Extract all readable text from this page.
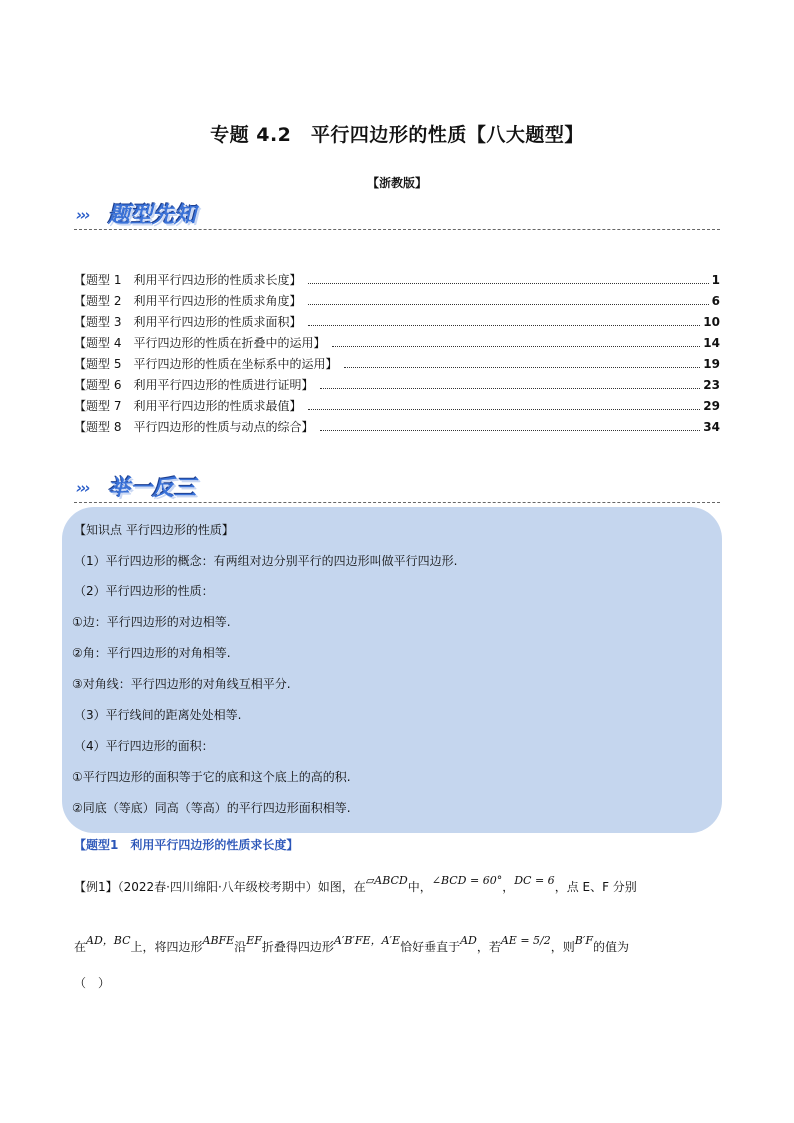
专题 4.2　平行四边形的性质【八大题型】
【浙教版】
››› 题型先知
【题型 1　利用平行四边形的性质求长度】	1
【题型 2　利用平行四边形的性质求角度】	6
【题型 3　利用平行四边形的性质求面积】	10
【题型 4　平行四边形的性质在折叠中的运用】	14
【题型 5　平行四边形的性质在坐标系中的运用】	19
【题型 6　利用平行四边形的性质进行证明】	23
【题型 7　利用平行四边形的性质求最值】	29
【题型 8　平行四边形的性质与动点的综合】	34
››› 举一反三
【知识点 平行四边形的性质】
（1）平行四边形的概念：有两组对边分别平行的四边形叫做平行四边形.
（2）平行四边形的性质：
①边：平行四边形的对边相等.
②角：平行四边形的对角相等.
③对角线：平行四边形的对角线互相平分.
（3）平行线间的距离处处相等.
（4）平行四边形的面积：
①平行四边形的面积等于它的底和这个底上的高的积.
②同底（等底）同高（等高）的平行四边形面积相等.
【题型1　利用平行四边形的性质求长度】
【例1】（2022春·四川绵阳·八年级校考期中）如图，在▱ABCD中，∠BCD = 60°，DC = 6，点 E、F 分别
在AD，BC上，将四边形ABFE沿EF折叠得四边形A′B′FE，A′E恰好垂直于AD，若AE = 5/2，则B′F的值为
（　）
